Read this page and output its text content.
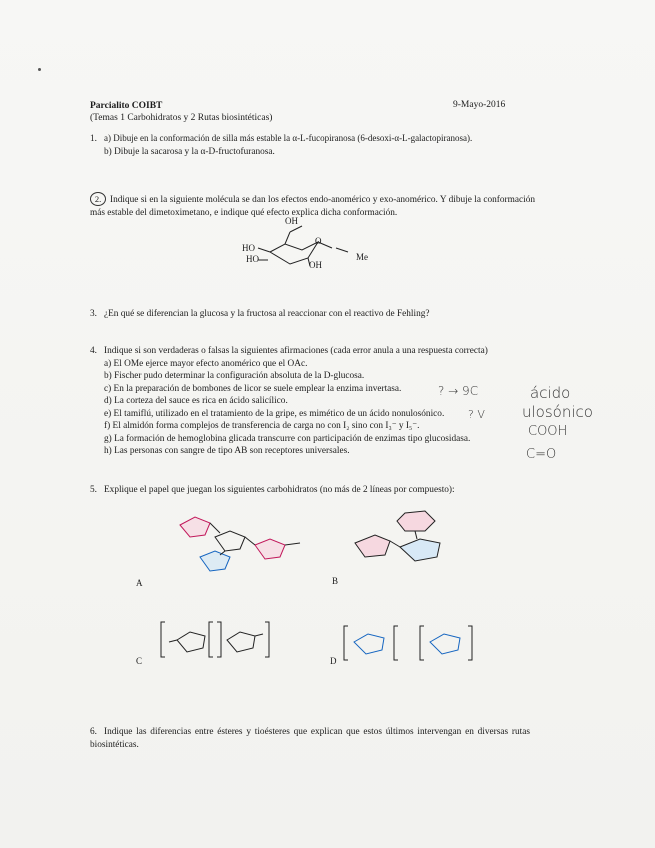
Parcialito COIBT
(Temas 1 Carbohidratos y 2 Rutas biosintéticas)
9-Mayo-2016
1. a) Dibuje en la conformación de silla más estable la α-L-fucopiranosa (6-desoxi-α-L-galactopiranosa).
b) Dibuje la sacarosa y la α-D-fructofuranosa.
2. Indique si en la siguiente molécula se dan los efectos endo-anomérico y exo-anomérico. Y dibuje la conformación más estable del dimetoximetano, e indique qué efecto explica dicha conformación.
OH
HO
HO
OH
O
Me
3. ¿En qué se diferencian la glucosa y la fructosa al reaccionar con el reactivo de Fehling?
4. Indique si son verdaderas o falsas la siguientes afirmaciones (cada error anula a una respuesta correcta)
a) El OMe ejerce mayor efecto anomérico que el OAc.
b) Fischer pudo determinar la configuración absoluta de la D-glucosa.
c) En la preparación de bombones de licor se suele emplear la enzima invertasa.
d) La corteza del sauce es rica en ácido salicílico.
e) El tamiflú, utilizado en el tratamiento de la gripe, es mimético de un ácido nonulosónico.
f) El almidón forma complejos de transferencia de carga no con I₂ sino con I₃⁻ y I₅⁻.
g) La formación de hemoglobina glicada transcurre con participación de enzimas tipo glucosidasa.
h) Las personas con sangre de tipo AB son receptores universales.
? → 9C
? V
ácido
ulosónico
COOH
C=O
5. Explique el papel que juegan los siguientes carbohidratos (no más de 2 líneas por compuesto):
A	B
C	D
6. Indique las diferencias entre ésteres y tioésteres que explican que estos últimos intervengan en diversas rutas biosintéticas.
